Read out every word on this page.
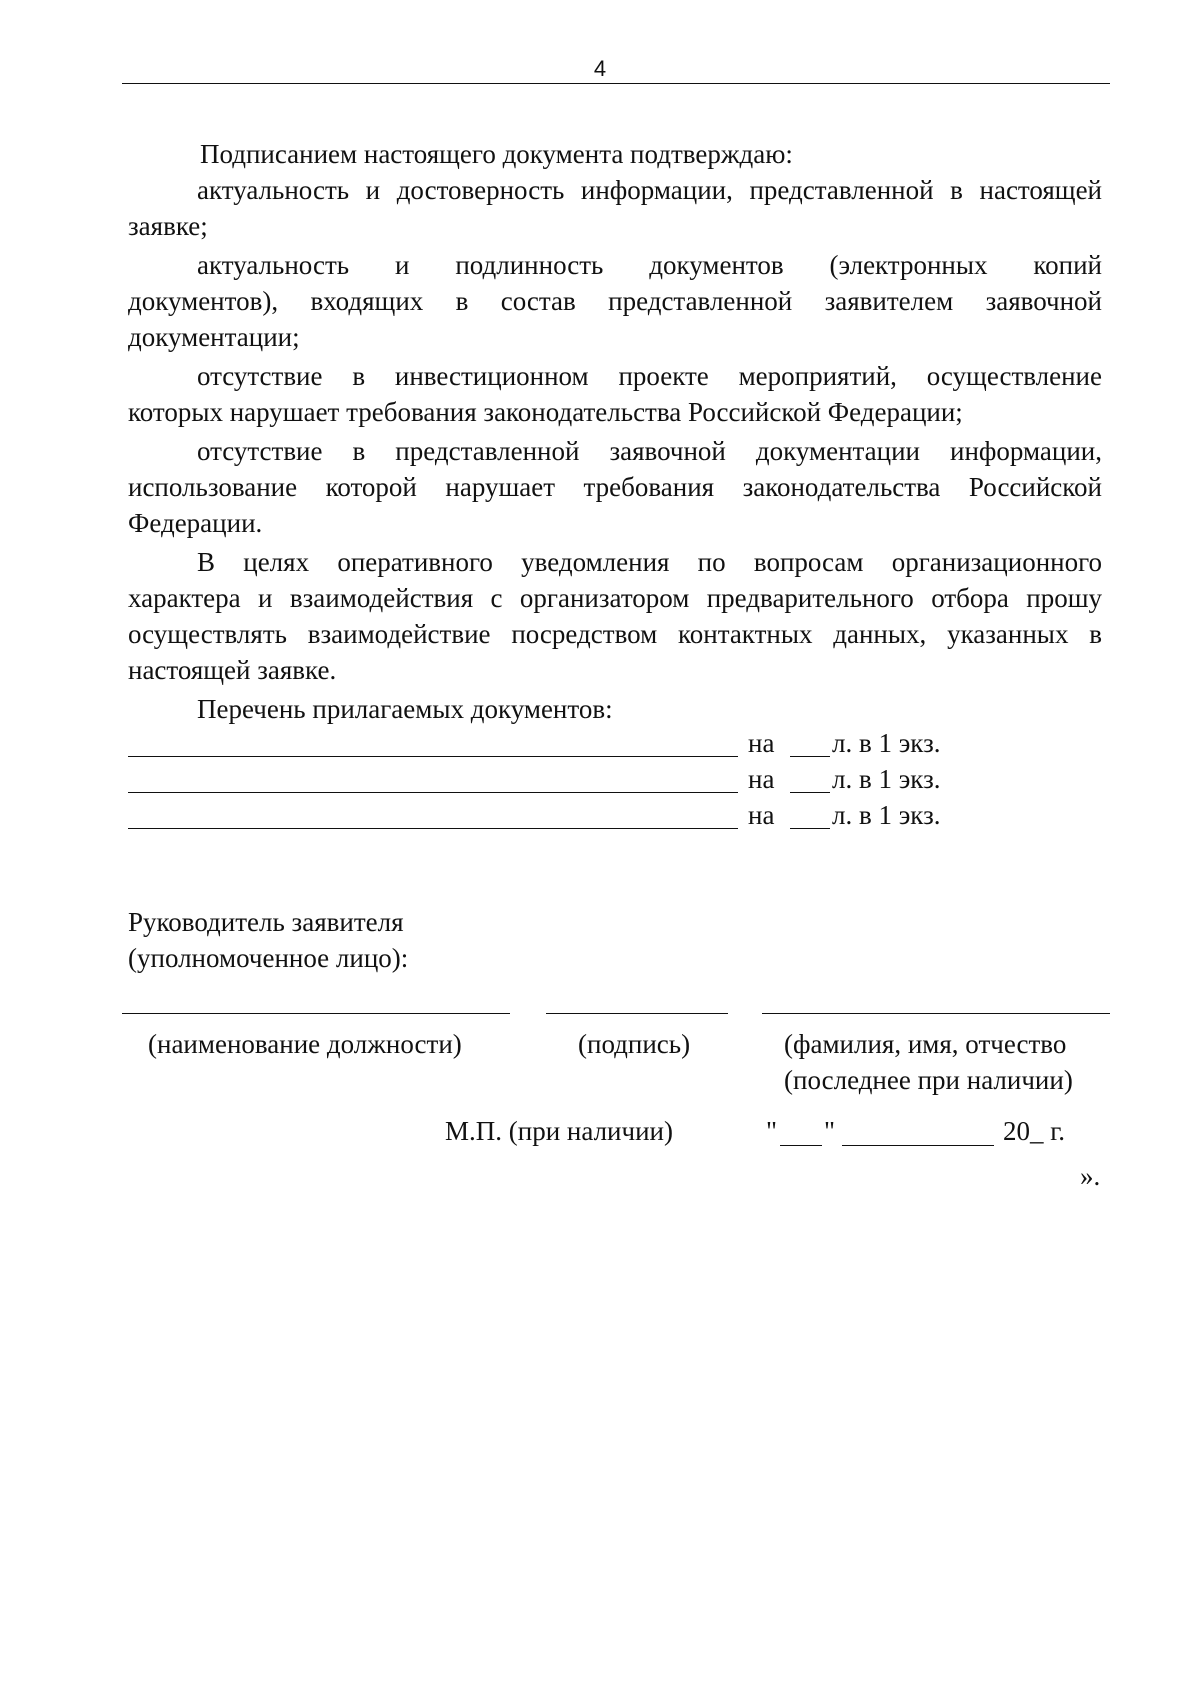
4
Подписанием настоящего документа подтверждаю:
актуальность и достоверность информации, представленной в настоящей
заявке;
актуальность и подлинность документов (электронных копий
документов), входящих в состав представленной заявителем заявочной
документации;
отсутствие в инвестиционном проекте мероприятий, осуществление
которых нарушает требования законодательства Российской Федерации;
отсутствие в представленной заявочной документации информации,
использование которой нарушает требования законодательства Российской
Федерации.
В целях оперативного уведомления по вопросам организационного
характера и взаимодействия с организатором предварительного отбора прошу
осуществлять взаимодействие посредством контактных данных, указанных в
настоящей заявке.
Перечень прилагаемых документов:
на л. в 1 экз.
на л. в 1 экз.
на л. в 1 экз.
Руководитель заявителя
(уполномоченное лицо):
(наименование должности)	(подпись)	(фамилия, имя, отчество
(последнее при наличии)
М.П. (при наличии)	" "	20_ г.
».
